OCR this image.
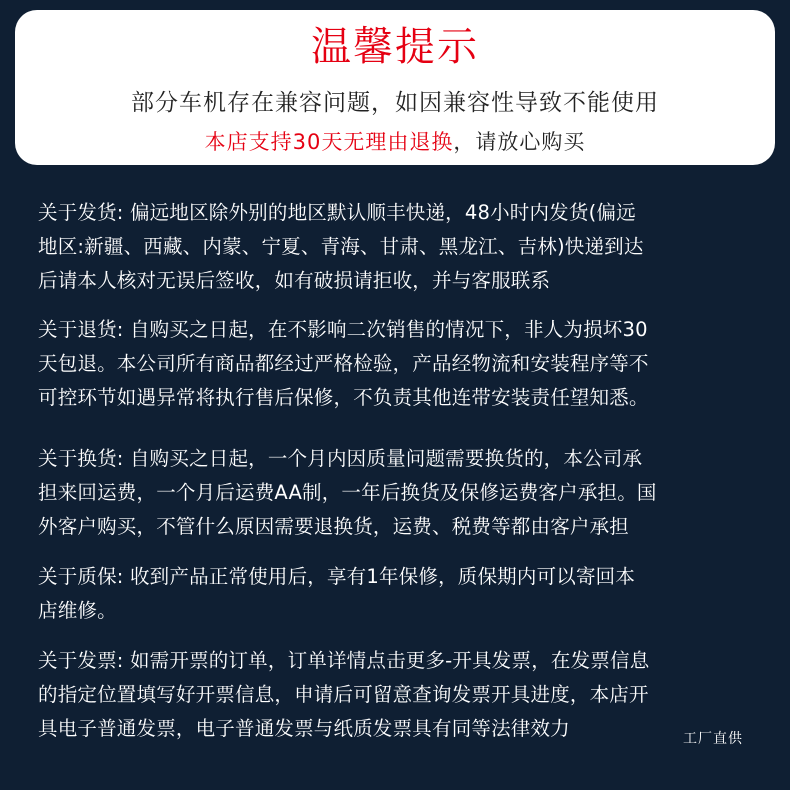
温馨提示
部分车机存在兼容问题，如因兼容性导致不能使用
本店支持30天无理由退换，请放心购买

关于发货: 偏远地区除外别的地区默认顺丰快递，48小时内发货(偏远

地区:新疆、西藏、内蒙、宁夏、青海、甘肃、黑龙江、吉林)快递到达

后请本人核对无误后签收，如有破损请拒收，并与客服联系

关于退货: 自购买之日起，在不影响二次销售的情况下，非人为损坏30

天包退。本公司所有商品都经过严格检验，产品经物流和安装程序等不

可控环节如遇异常将执行售后保修，不负责其他连带安装责任望知悉。

关于换货: 自购买之日起，一个月内因质量问题需要换货的，本公司承

担来回运费，一个月后运费AA制，一年后换货及保修运费客户承担。国

外客户购买，不管什么原因需要退换货，运费、税费等都由客户承担

关于质保: 收到产品正常使用后，享有1年保修，质保期内可以寄回本

店维修。

关于发票: 如需开票的订单，订单详情点击更多-开具发票，在发票信息

的指定位置填写好开票信息，申请后可留意查询发票开具进度，本店开

具电子普通发票，电子普通发票与纸质发票具有同等法律效力	工厂直供
